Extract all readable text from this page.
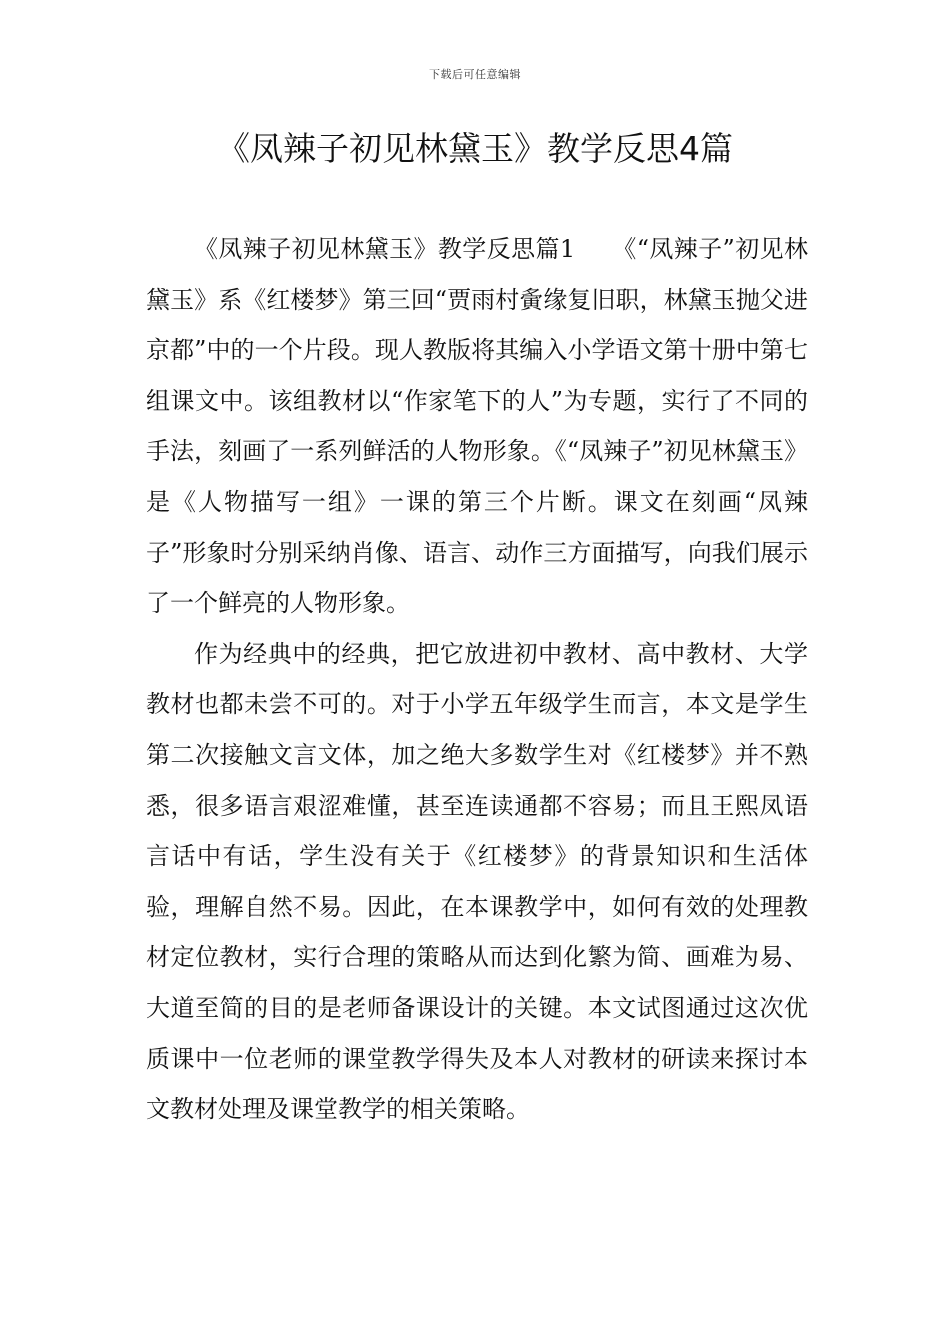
下载后可任意编辑
《凤辣子初见林黛玉》教学反思4篇

《凤辣子初见林黛玉》教学反思篇1　　《“凤辣子”初见林黛玉》系《红楼梦》第三回“贾雨村夤缘复旧职，林黛玉抛父进京都”中的一个片段。现人教版将其编入小学语文第十册中第七组课文中。该组教材以“作家笔下的人”为专题，实行了不同的手法，刻画了一系列鲜活的人物形象。《“凤辣子”初见林黛玉》是《人物描写一组》一课的第三个片断。课文在刻画“凤辣子”形象时分别采纳肖像、语言、动作三方面描写，向我们展示了一个鲜亮的人物形象。

作为经典中的经典，把它放进初中教材、高中教材、大学教材也都未尝不可的。对于小学五年级学生而言，本文是学生第二次接触文言文体，加之绝大多数学生对《红楼梦》并不熟悉，很多语言艰涩难懂，甚至连读通都不容易；而且王熙凤语言话中有话，学生没有关于《红楼梦》的背景知识和生活体验，理解自然不易。因此，在本课教学中，如何有效的处理教材定位教材，实行合理的策略从而达到化繁为简、画难为易、大道至简的目的是老师备课设计的关键。本文试图通过这次优质课中一位老师的课堂教学得失及本人对教材的研读来探讨本文教材处理及课堂教学的相关策略。
